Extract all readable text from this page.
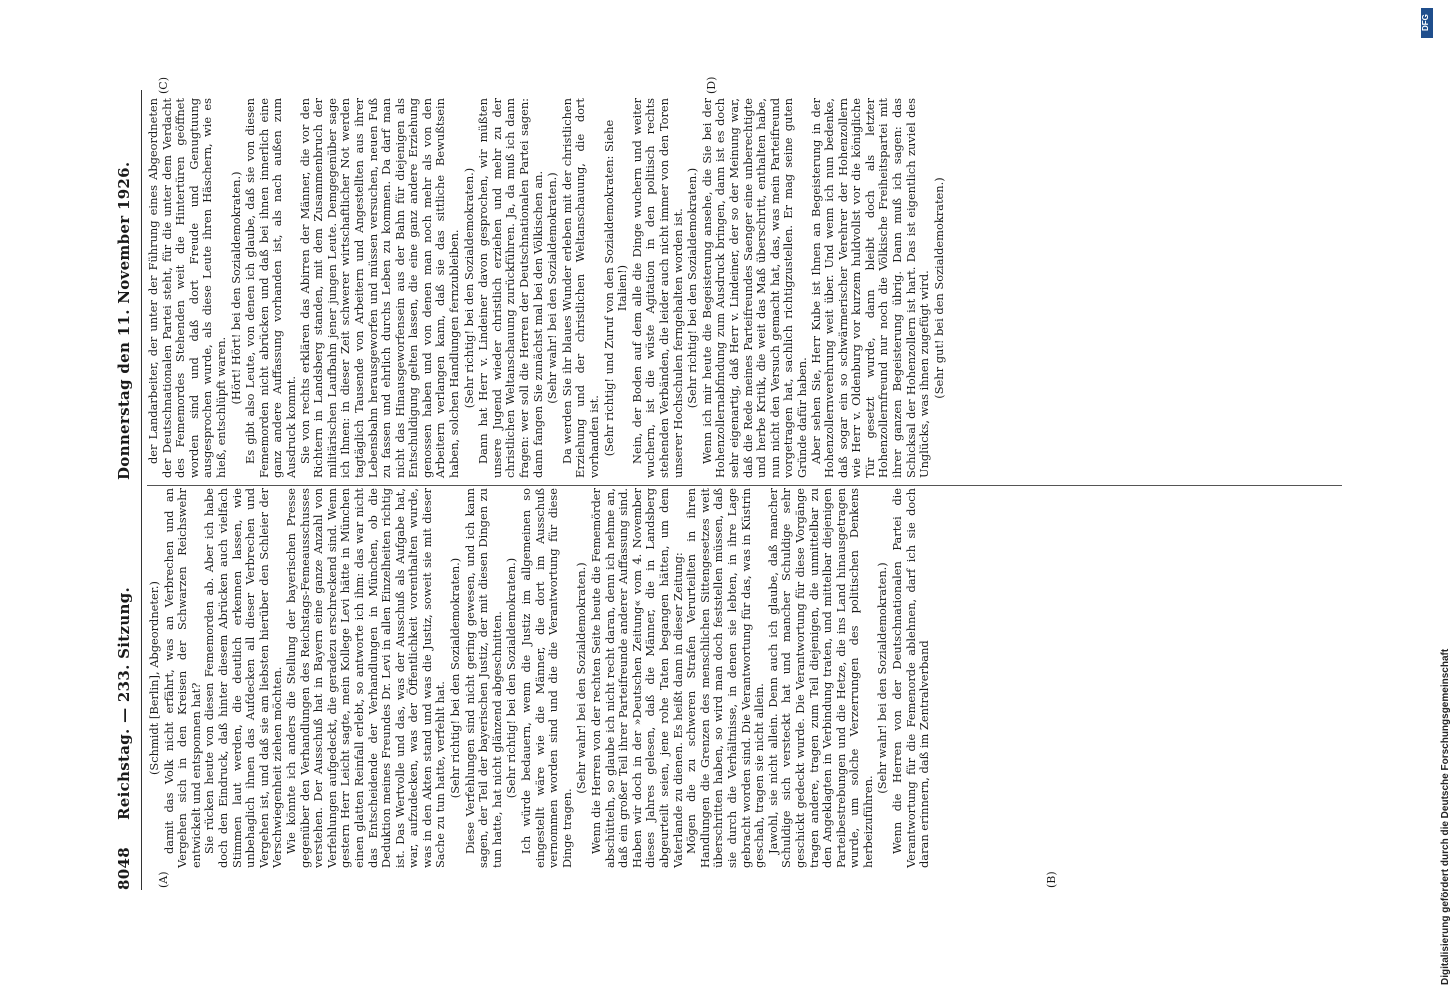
8048
Reichstag. — 233. Sitzung.
Donnerstag den 11. November 1926.
(A)	(B)
(C)	(D)

(Schmidt [Berlin], Abgeordneter.) damit das Volk nicht erfährt, was an Verbrechen und an Vergehen sich in den Kreisen der Schwarzen Reichswehr entwickelt und entsponnen hat? Sie rücken heute von diesen Fememorden ab. Aber ich habe doch den Eindruck, daß hinter diesem Abrücken auch vielfach Stimmen laut werden, die deutlich erkennen lassen, wie unbehaglich ihnen das Aufdecken all dieser Verbrechen und Vergehen ist, und daß sie am liebsten hierüber den Schleier der Verschwiegenheit ziehen möchten. Wie könnte ich anders die Stellung der bayerischen Presse gegenüber den Verhandlungen des Reichstags-Femeausschusses verstehen. Der Ausschuß hat in Bayern eine ganze Anzahl von Verfehlungen aufgedeckt, die geradezu erschreckend sind. Wenn gestern Herr Leicht sagte, mein Kollege Levi hätte in München einen glatten Reinfall erlebt, so antworte ich ihm: das war nicht das Entscheidende der Verhandlungen in München, ob die Deduktion meines Freundes Dr. Levi in allen Einzelheiten richtig ist. Das Wertvolle und das, was der Ausschuß als Aufgabe hat, war, aufzudecken, was der Öffentlichkeit vorenthalten wurde, was in den Akten stand und was die Justiz, soweit sie mit dieser Sache zu tun hatte, verfehlt hat. (Sehr richtig! bei den Sozialdemokraten.) Diese Verfehlungen sind nicht gering gewesen, und ich kann sagen, der Teil der bayerischen Justiz, der mit diesen Dingen zu tun hatte, hat nicht glänzend abgeschnitten. (Sehr richtig! bei den Sozialdemokraten.) Ich würde bedauern, wenn die Justiz im allgemeinen so eingestellt wäre wie die Männer, die dort im Ausschuß vernommen worden sind und die die Verantwortung für diese Dinge tragen.

(Sehr wahr! bei den Sozialdemokraten.) Wenn die Herren von der rechten Seite heute die Fememörder abschütteln, so glaube ich nicht recht daran, denn ich nehme an, daß ein großer Teil ihrer Parteifreunde anderer Auffassung sind. Haben wir doch in der »Deutschen Zeitung« vom 4. November dieses Jahres gelesen, daß die Männer, die in Landsberg abgeurteilt seien, jene rohe Taten begangen hätten, um dem Vaterlande zu dienen. Es heißt dann in dieser Zeitung: Mögen die zu schweren Strafen Verurteilten in ihren Handlungen die Grenzen des menschlichen Sittengesetzes weit überschritten haben, so wird man doch feststellen müssen, daß sie durch die Verhältnisse, in denen sie lebten, in ihre Lage gebracht worden sind. Die Verantwortung für das, was in Küstrin geschah, tragen sie nicht allein. Jawohl, sie nicht allein. Denn auch ich glaube, daß mancher Schuldige sich versteckt hat und mancher Schuldige sehr geschickt gedeckt wurde. Die Verantwortung für diese Vorgänge tragen andere, tragen zum Teil diejenigen, die unmittelbar zu den Angeklagten in Verbindung traten, und mittelbar diejenigen Parteibestrebungen und die Hetze, die ins Land hinausgetragen wurde, um solche Verzerrungen des politischen Denkens herbeizuführen.

(Sehr wahr! bei den Sozialdemokraten.) Wenn die Herren von der Deutschnationalen Partei die Verantwortung für die Femenorde ablehnen, darf ich sie doch daran erinnern, daß im Zentralverband

der Landarbeiter, der unter der Führung eines Abgeordneten der Deutschnationalen Partei steht, für die unter dem Verdacht des Fememordes Stehenden weit die Hintertüren geöffnet worden sind und daß dort Freude und Genugtuung ausgesprochen wurde, als diese Leute ihren Häschern, wie es hieß, entschlüpft waren.

(Hört! Hört! bei den Sozialdemokraten.) Es gibt also Leute, von denen ich glaube, daß sie von diesen Fememorden nicht abrücken und daß bei ihnen innerlich eine ganz andere Auffassung vorhanden ist, als nach außen zum Ausdruck kommt. Sie von rechts erklären das Abirren der Männer, die vor den Richtern in Landsberg standen, mit dem Zusammenbruch der militärischen Laufbahn jener jungen Leute. Demgegenüber sage ich Ihnen: in dieser Zeit schwerer wirtschaftlicher Not werden tagtäglich Tausende von Arbeitern und Angestellten aus ihrer Lebensbahn herausgeworfen und müssen versuchen, neuen Fuß zu fassen und ehrlich durchs Leben zu kommen. Da darf man nicht das Hinausgeworfensein aus der Bahn für diejenigen als Entschuldigung gelten lassen, die eine ganz andere Erziehung genossen haben und von denen man noch mehr als von den Arbeitern verlangen kann, daß sie das sittliche Bewußtsein haben, solchen Handlungen fernzubleiben. (Sehr richtig! bei den Sozialdemokraten.) Dann hat Herr v. Lindeiner davon gesprochen, wir müßten unsere Jugend wieder christlich erziehen und mehr zu der christlichen Weltanschauung zurückführen. Ja, da muß ich dann fragen: wer soll die Herren der Deutschnationalen Partei sagen: dann fangen Sie zunächst mal bei den Völkischen an. (Sehr wahr! bei den Sozialdemokraten.) Da werden Sie ihr blaues Wunder erleben mit der christlichen Erziehung und der christlichen Weltanschauung, die dort vorhanden ist. (Sehr richtig! und Zuruf von den Sozialdemokraten: Siehe Italien!) Nein, der Boden auf dem alle die Dinge wuchern und weiter wuchern, ist die wüste Agitation in den politisch rechts stehenden Verbänden, die leider auch nicht immer von den Toren unserer Hochschulen ferngehalten worden ist. (Sehr richtig! bei den Sozialdemokraten.) Wenn ich mir heute die Begeisterung ansehe, die Sie bei der Hohenzollernabfindung zum Ausdruck bringen, dann ist es doch sehr eigenartig, daß Herr v. Lindeiner, der so der Meinung war, daß die Rede meines Parteifreundes Saenger eine unberechtigte und herbe Kritik, die weit das Maß überschritt, enthalten habe, nun nicht den Versuch gemacht hat, das, was mein Parteifreund vorgetragen hat, sachlich richtigzustellen. Er mag seine guten Gründe dafür haben. Aber sehen Sie, Herr Kube ist Ihnen an Begeisterung in der Hohenzollernverehrung weit über. Und wenn ich nun bedenke, daß sogar ein so schwärmerischer Verehrer der Hohenzollern wie Herr v. Oldenburg vor kurzem huldvollst vor die königliche Tür gesetzt wurde, dann bleibt doch als letzter Hohenzollernfreund nur noch die Völkische Freiheitspartei mit ihrer ganzen Begeisterung übrig. Dann muß ich sagen: das Schicksal der Hohenzollern ist hart. Das ist eigentlich zuviel des Unglücks, was ihnen zugefügt wird. (Sehr gut! bei den Sozialdemokraten.)

DFG
Digitalisierung gefördert durch die Deutsche Forschungsgemeinschaft
